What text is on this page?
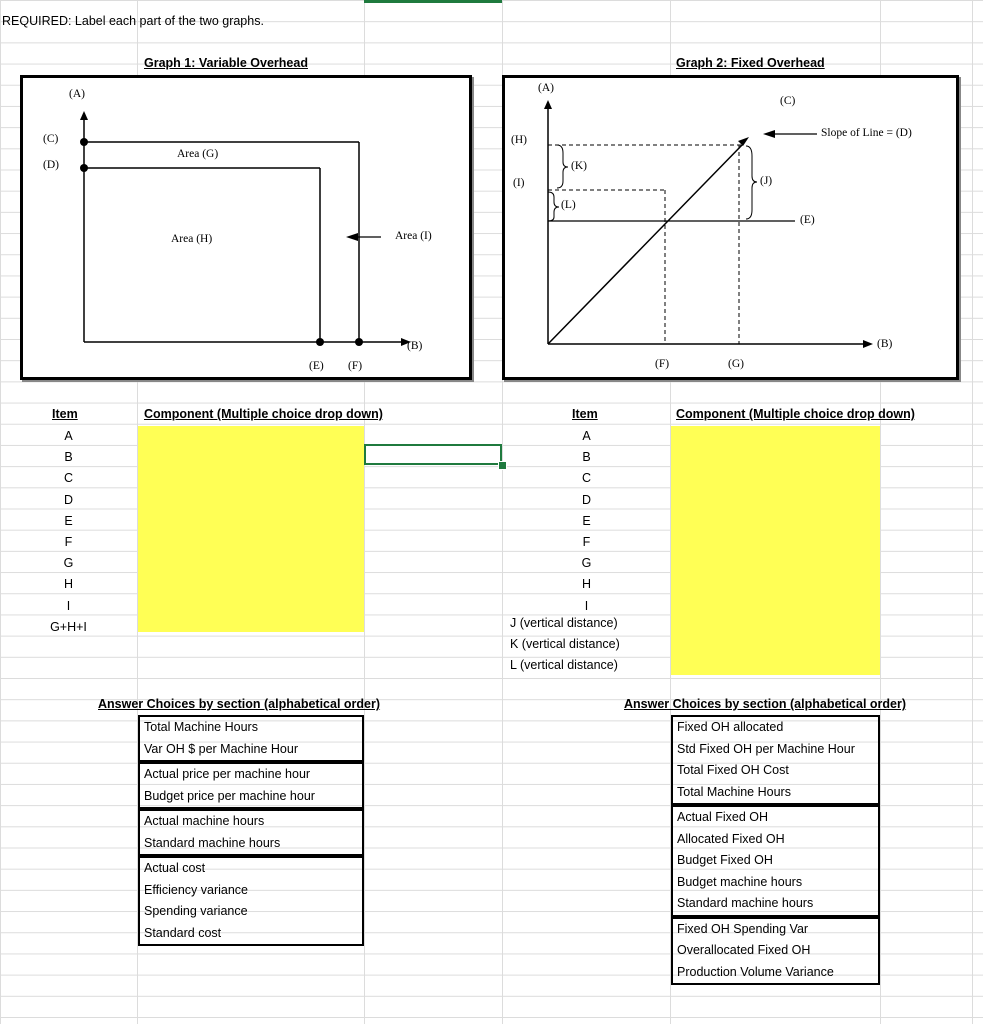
REQUIRED: Label each part of the two graphs.
Graph 1: Variable Overhead	Graph 2: Fixed Overhead
(A)
(C)
(D)
Area (G)
Area (H)	Area (I)
(B)
(E) (F)
(A)
(C)
Slope of Line = (D)
(H)
(I)
(K)
(L)
(J)
(E)
(B)
(F)	(G)
Item	Component (Multiple choice drop down)
A
B
C
D
E
F
G
H
I
G+H+I
Item	Component (Multiple choice drop down)
A
B
C
D
E
F
G
H
I
J (vertical distance)
K (vertical distance)
L (vertical distance)
Answer Choices by section (alphabetical order)
Total Machine Hours
Var OH $ per Machine Hour
Actual price per machine hour
Budget price per machine hour
Actual machine hours
Standard machine hours
Actual cost
Efficiency variance
Spending variance
Standard cost
Answer Choices by section (alphabetical order)
Fixed OH allocated
Std Fixed OH per Machine Hour
Total Fixed OH Cost
Total Machine Hours
Actual Fixed OH
Allocated Fixed OH
Budget Fixed OH
Budget machine hours
Standard machine hours
Fixed OH Spending Var
Overallocated Fixed OH
Production Volume Variance
